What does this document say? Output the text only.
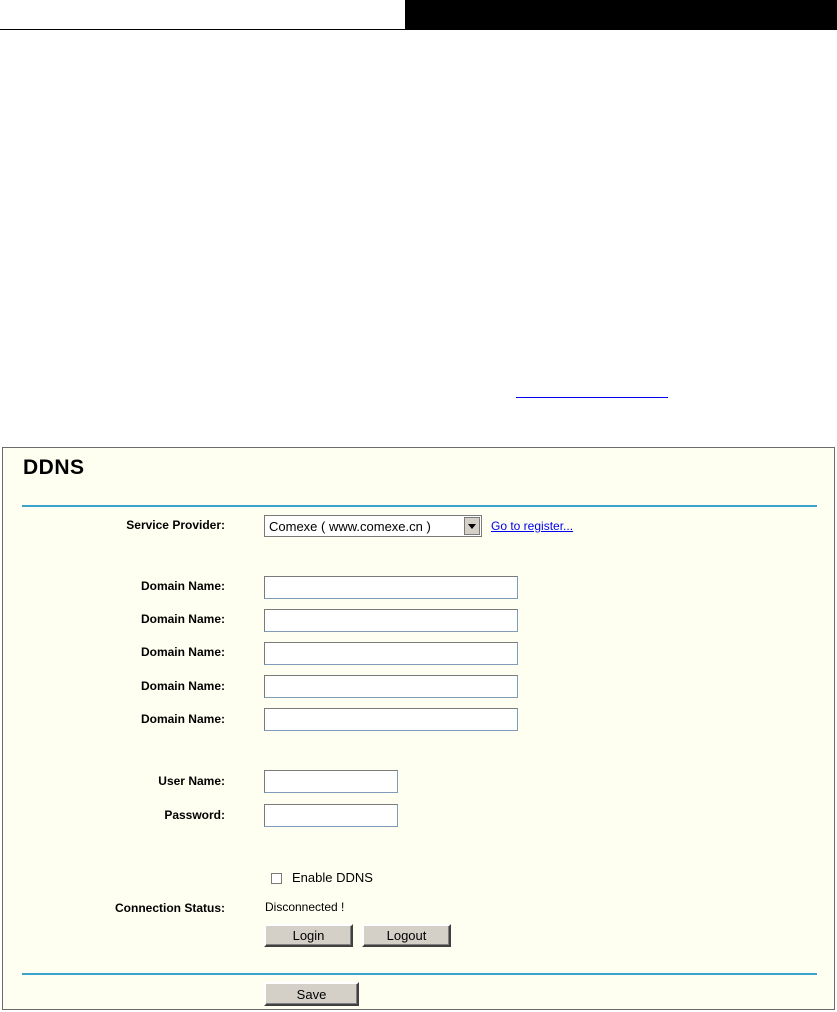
DDNS
Service Provider:	Comexe ( www.comexe.cn )	Go to register...
Domain Name:
Domain Name:
Domain Name:
Domain Name:
Domain Name:
User Name:
Password:
Enable DDNS
Connection Status:	Disconnected !
Login	Logout
Save
